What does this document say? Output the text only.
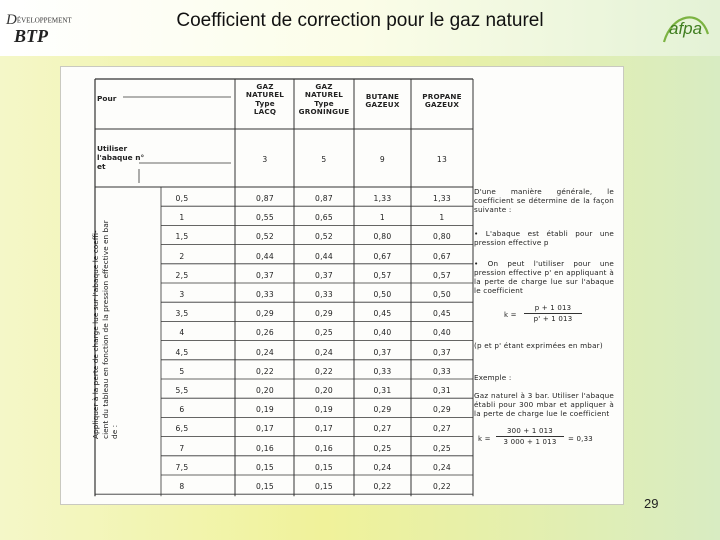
DÉVELOPPEMENT
BTP
Coefficient de correction pour le gaz naturel	afpa
Pour
Utiliser
l'abaque n°
et
GAZ
NATUREL
Type
LACQ
GAZ
NATUREL
Type
GRONINGUE
BUTANE
GAZEUX
PROPANE
GAZEUX
3	5	9	13
0,5	0,87	0,87	1,33	1,33
1	0,55	0,65	1	1
1,5	0,52	0,52	0,80	0,80
2	0,44	0,44	0,67	0,67
2,5	0,37	0,37	0,57	0,57
3	0,33	0,33	0,50	0,50
3,5	0,29	0,29	0,45	0,45
4	0,26	0,25	0,40	0,40
4,5	0,24	0,24	0,37	0,37
5	0,22	0,22	0,33	0,33
5,5	0,20	0,20	0,31	0,31
6	0,19	0,19	0,29	0,29
6,5	0,17	0,17	0,27	0,27
7	0,16	0,16	0,25	0,25
7,5	0,15	0,15	0,24	0,24
8	0,15	0,15	0,22	0,22
Appliquer à la perte de charge lue sur l'abaque le coeffi- cient du tableau en fonction de la pression effective en bar de :
D'une manière générale, le coefficient se détermine de la façon suivante :
• L'abaque est établi pour une pression effective p
• On peut l'utiliser pour une pression effective p' en appliquant à la perte de charge lue sur l'abaque le coefficient
k =
p + 1 013
p' + 1 013
(p et p' étant exprimées en mbar)
Exemple :
Gaz naturel à 3 bar. Utiliser l'abaque établi pour 300 mbar et appliquer à la perte de charge lue le coefficient
k =
300 + 1 013
3 000 + 1 013	= 0,33
29
